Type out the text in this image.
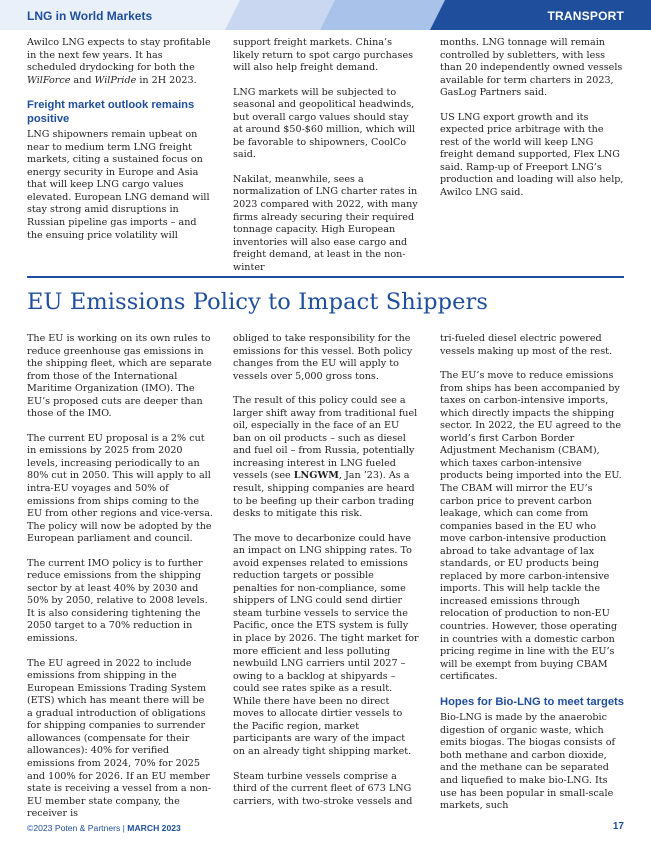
LNG in World Markets	TRANSPORT

Awilco LNG expects to stay profitable in the next few years. It has scheduled drydocking for both the WilForce and WilPride in 2H 2023.

Freight market outlook remains positive

LNG shipowners remain upbeat on near to medium term LNG freight markets, citing a sustained focus on energy security in Europe and Asia that will keep LNG cargo values elevated. European LNG demand will stay strong amid disruptions in Russian pipeline gas imports – and the ensuing price volatility will

support freight markets. China’s likely return to spot cargo purchases will also help freight demand.

LNG markets will be subjected to seasonal and geopolitical headwinds, but overall cargo values should stay at around $50-$60 million, which will be favorable to shipowners, CoolCo said.

Nakilat, meanwhile, sees a normalization of LNG charter rates in 2023 compared with 2022, with many firms already securing their required tonnage capacity. High European inventories will also ease cargo and freight demand, at least in the non-winter

months. LNG tonnage will remain controlled by subletters, with less than 20 independently owned vessels available for term charters in 2023, GasLog Partners said.

US LNG export growth and its expected price arbitrage with the rest of the world will keep LNG freight demand supported, Flex LNG said. Ramp-up of Freeport LNG’s production and loading will also help, Awilco LNG said.

EU Emissions Policy to Impact Shippers

The EU is working on its own rules to reduce greenhouse gas emissions in the shipping fleet, which are separate from those of the International Maritime Organization (IMO). The EU’s proposed cuts are deeper than those of the IMO.

The current EU proposal is a 2% cut in emissions by 2025 from 2020 levels, increasing periodically to an 80% cut in 2050. This will apply to all intra-EU voyages and 50% of emissions from ships coming to the EU from other regions and vice-versa. The policy will now be adopted by the European parliament and council.

The current IMO policy is to further reduce emissions from the shipping sector by at least 40% by 2030 and 50% by 2050, relative to 2008 levels. It is also considering tightening the 2050 target to a 70% reduction in emissions.

The EU agreed in 2022 to include emissions from shipping in the European Emissions Trading System (ETS) which has meant there will be a gradual introduction of obligations for shipping companies to surrender allowances (compensate for their allowances): 40% for verified emissions from 2024, 70% for 2025 and 100% for 2026. If an EU member state is receiving a vessel from a non-EU member state company, the receiver is

obliged to take responsibility for the emissions for this vessel. Both policy changes from the EU will apply to vessels over 5,000 gross tons.

The result of this policy could see a larger shift away from traditional fuel oil, especially in the face of an EU ban on oil products – such as diesel and fuel oil – from Russia, potentially increasing interest in LNG fueled vessels (see LNGWM, Jan ’23). As a result, shipping companies are heard to be beefing up their carbon trading desks to mitigate this risk.

The move to decarbonize could have an impact on LNG shipping rates. To avoid expenses related to emissions reduction targets or possible penalties for non-compliance, some shippers of LNG could send dirtier steam turbine vessels to service the Pacific, once the ETS system is fully in place by 2026. The tight market for more efficient and less polluting newbuild LNG carriers until 2027 – owing to a backlog at shipyards – could see rates spike as a result. While there have been no direct moves to allocate dirtier vessels to the Pacific region, market participants are wary of the impact on an already tight shipping market.

Steam turbine vessels comprise a third of the current fleet of 673 LNG carriers, with two-stroke vessels and

tri-fueled diesel electric powered vessels making up most of the rest.

The EU’s move to reduce emissions from ships has been accompanied by taxes on carbon-intensive imports, which directly impacts the shipping sector. In 2022, the EU agreed to the world’s first Carbon Border Adjustment Mechanism (CBAM), which taxes carbon-intensive products being imported into the EU. The CBAM will mirror the EU’s carbon price to prevent carbon leakage, which can come from companies based in the EU who move carbon-intensive production abroad to take advantage of lax standards, or EU products being replaced by more carbon-intensive imports. This will help tackle the increased emissions through relocation of production to non-EU countries. However, those operating in countries with a domestic carbon pricing regime in line with the EU’s will be exempt from buying CBAM certificates.

Hopes for Bio-LNG to meet targets

Bio-LNG is made by the anaerobic digestion of organic waste, which emits biogas. The biogas consists of both methane and carbon dioxide, and the methane can be separated and liquefied to make bio-LNG. Its use has been popular in small-scale markets, such

©2023 Poten & Partners | MARCH 2023	17
